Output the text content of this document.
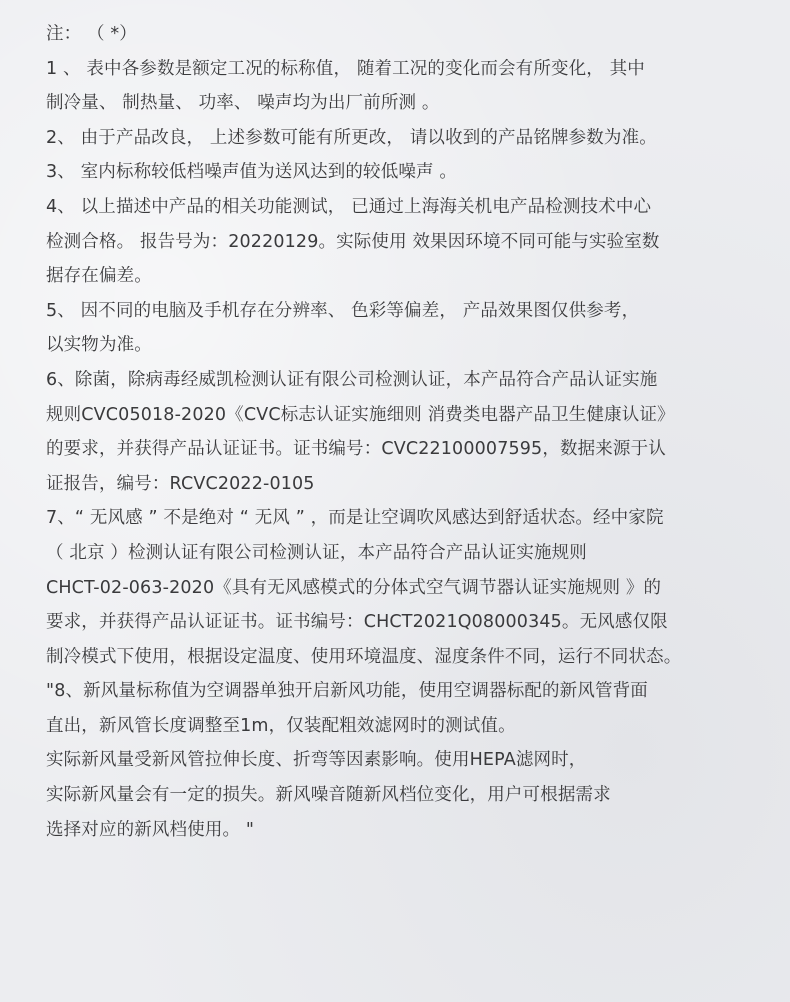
注： （ *）
1 、 表中各参数是额定工况的标称值， 随着工况的变化而会有所变化， 其中
制冷量、 制热量、 功率、 噪声均为出厂前所测 。
2、 由于产品改良， 上述参数可能有所更改， 请以收到的产品铭牌参数为准。
3、 室内标称较低档噪声值为送风达到的较低噪声 。
4、 以上描述中产品的相关功能测试， 已通过上海海关机电产品检测技术中心
检测合格。 报告号为：20220129。实际使用 效果因环境不同可能与实验室数
据存在偏差。
5、 因不同的电脑及手机存在分辨率、 色彩等偏差， 产品效果图仅供参考，
以实物为准。
6、除菌，除病毒经威凯检测认证有限公司检测认证，本产品符合产品认证实施
规则CVC05018-2020《CVC标志认证实施细则 消费类电器产品卫生健康认证》
的要求，并获得产品认证证书。证书编号：CVC22100007595，数据来源于认
证报告，编号：RCVC2022-0105
7、“ 无风感 ” 不是绝对 “ 无风 ” ，而是让空调吹风感达到舒适状态。经中家院
（ 北京 ）检测认证有限公司检测认证，本产品符合产品认证实施规则
CHCT-02-063-2020《具有无风感模式的分体式空气调节器认证实施规则 》的
要求，并获得产品认证证书。证书编号：CHCT2021Q08000345。无风感仅限
制冷模式下使用，根据设定温度、使用环境温度、湿度条件不同，运行不同状态。
"8、新风量标称值为空调器单独开启新风功能，使用空调器标配的新风管背面
直出，新风管长度调整至1m，仅装配粗效滤网时的测试值。
实际新风量受新风管拉伸长度、折弯等因素影响。使用HEPA滤网时，
实际新风量会有一定的损失。新风噪音随新风档位变化，用户可根据需求
选择对应的新风档使用。 "
